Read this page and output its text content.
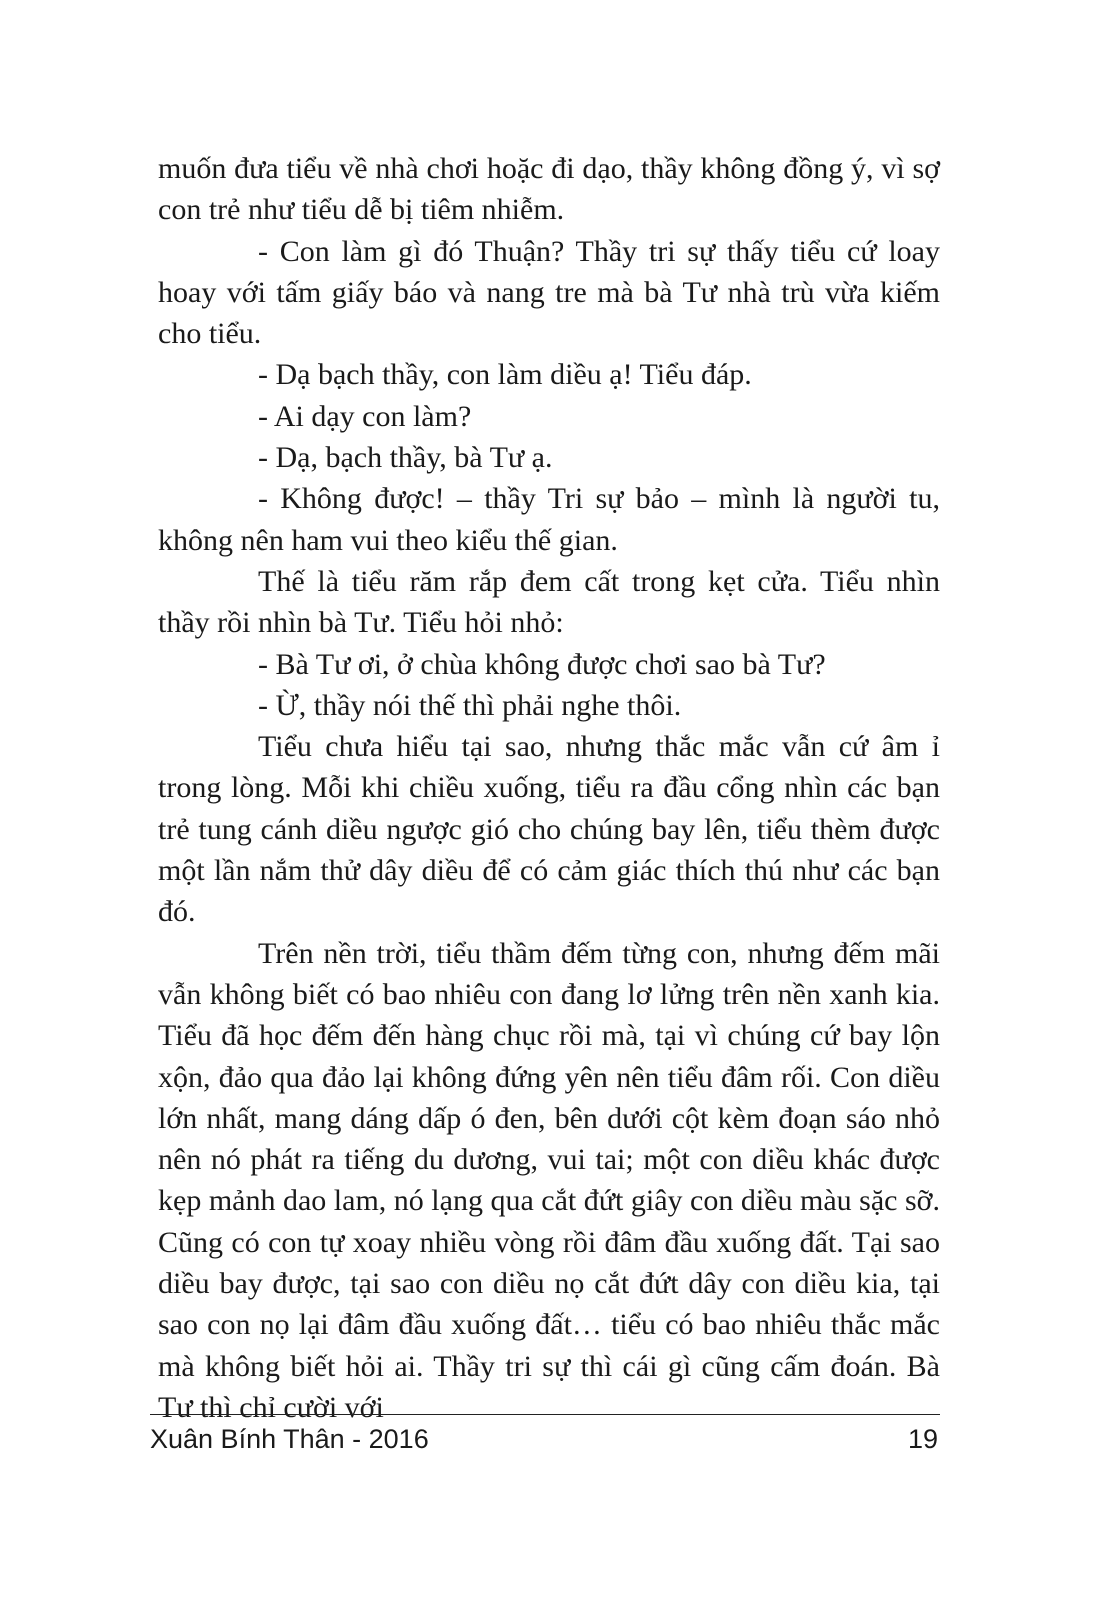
muốn đưa tiểu về nhà chơi hoặc đi dạo, thầy không đồng ý, vì sợ con trẻ như tiểu dễ bị tiêm nhiễm.

- Con làm gì đó Thuận? Thầy tri sự thấy tiểu cứ loay hoay với tấm giấy báo và nang tre mà bà Tư nhà trù vừa kiếm cho tiểu.

- Dạ bạch thầy, con làm diều ạ! Tiểu đáp.

- Ai dạy con làm?

- Dạ, bạch thầy, bà Tư ạ.

- Không được! – thầy Tri sự bảo – mình là người tu, không nên ham vui theo kiểu thế gian.

Thế là tiểu răm rắp đem cất trong kẹt cửa. Tiểu nhìn thầy rồi nhìn bà Tư. Tiểu hỏi nhỏ:

- Bà Tư ơi, ở chùa không được chơi sao bà Tư?

- Ừ, thầy nói thế thì phải nghe thôi.

Tiểu chưa hiểu tại sao, nhưng thắc mắc vẫn cứ âm ỉ trong lòng. Mỗi khi chiều xuống, tiểu ra đầu cổng nhìn các bạn trẻ tung cánh diều ngược gió cho chúng bay lên, tiểu thèm được một lần nắm thử dây diều để có cảm giác thích thú như các bạn đó.

Trên nền trời, tiểu thầm đếm từng con, nhưng đếm mãi vẫn không biết có bao nhiêu con đang lơ lửng trên nền xanh kia. Tiểu đã học đếm đến hàng chục rồi mà, tại vì chúng cứ bay lộn xộn, đảo qua đảo lại không đứng yên nên tiểu đâm rối. Con diều lớn nhất, mang dáng dấp ó đen, bên dưới cột kèm đoạn sáo nhỏ nên nó phát ra tiếng du dương, vui tai; một con diều khác được kẹp mảnh dao lam, nó lạng qua cắt đứt giây con diều màu sặc sỡ. Cũng có con tự xoay nhiều vòng rồi đâm đầu xuống đất. Tại sao diều bay được, tại sao con diều nọ cắt đứt dây con diều kia, tại sao con nọ lại đâm đầu xuống đất… tiểu có bao nhiêu thắc mắc mà không biết hỏi ai. Thầy tri sự thì cái gì cũng cấm đoán. Bà Tư thì chỉ cười với

Xuân Bính Thân - 2016	19
